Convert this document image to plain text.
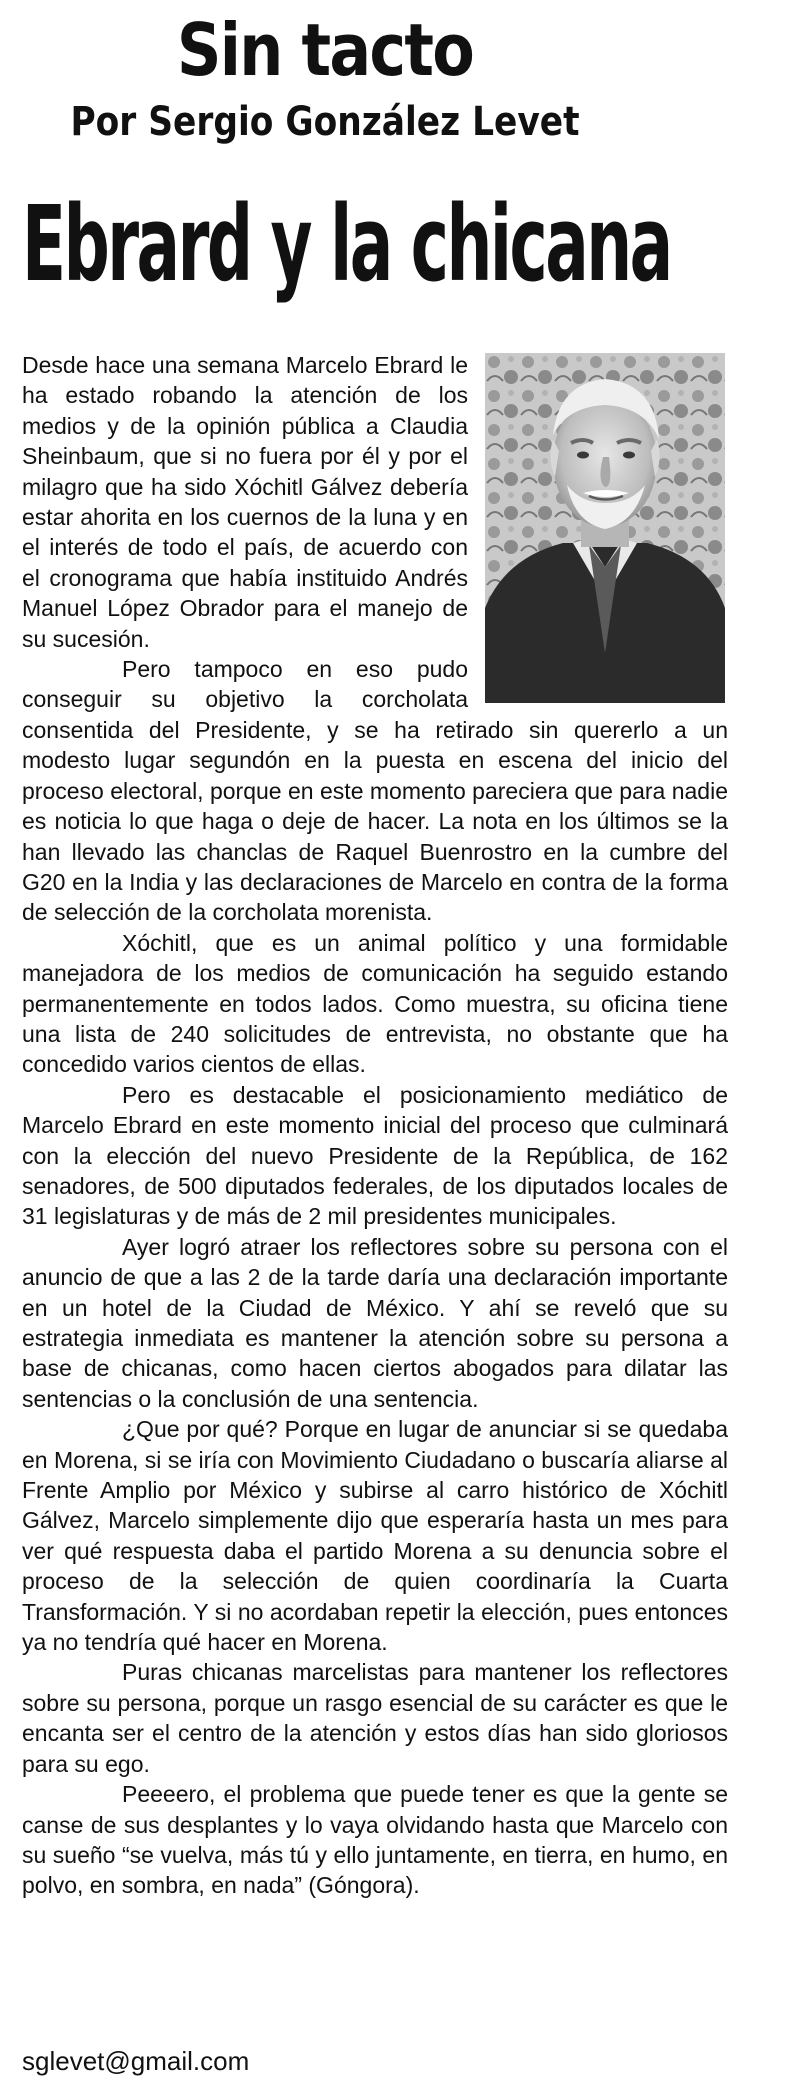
Sin tacto
Por Sergio González Levet
Ebrard y la chicana

Desde hace una semana Marcelo Ebrard le ha estado robando la atención de los medios y de la opinión pública a Claudia Sheinbaum, que si no fuera por él y por el milagro que ha sido Xóchitl Gálvez debería estar ahorita en los cuernos de la luna y en el interés de todo el país, de acuerdo con el cronograma que había instituido Andrés Manuel López Obrador para el manejo de su sucesión.

Pero tampoco en eso pudo conseguir su objetivo la corcholata consentida del Presidente, y se ha retirado sin quererlo a un modesto lugar segundón en la puesta en escena del inicio del proceso electoral, porque en este momento pareciera que para nadie es noticia lo que haga o deje de hacer. La nota en los últimos se la han llevado las chanclas de Raquel Buenrostro en la cumbre del G20 en la India y las declaraciones de Marcelo en contra de la forma de selección de la corcholata morenista.

Xóchitl, que es un animal político y una formidable manejadora de los medios de comunicación ha seguido estando permanentemente en todos lados. Como muestra, su oficina tiene una lista de 240 solicitudes de entrevista, no obstante que ha concedido varios cientos de ellas.

Pero es destacable el posicionamiento mediático de Marcelo Ebrard en este momento inicial del proceso que culminará con la elección del nuevo Presidente de la República, de 162 senadores, de 500 diputados federales, de los diputados locales de 31 legislaturas y de más de 2 mil presidentes municipales.

Ayer logró atraer los reflectores sobre su persona con el anuncio de que a las 2 de la tarde daría una declaración importante en un hotel de la Ciudad de México. Y ahí se reveló que su estrategia inmediata es mantener la atención sobre su persona a base de chicanas, como hacen ciertos abogados para dilatar las sentencias o la conclusión de una sentencia.

¿Que por qué? Porque en lugar de anunciar si se quedaba en Morena, si se iría con Movimiento Ciudadano o buscaría aliarse al Frente Amplio por México y subirse al carro histórico de Xóchitl Gálvez, Marcelo simplemente dijo que esperaría hasta un mes para ver qué respuesta daba el partido Morena a su denuncia sobre el proceso de la selección de quien coordinaría la Cuarta Transformación. Y si no acordaban repetir la elección, pues entonces ya no tendría qué hacer en Morena.

Puras chicanas marcelistas para mantener los reflectores sobre su persona, porque un rasgo esencial de su carácter es que le encanta ser el centro de la atención y estos días han sido gloriosos para su ego.

Peeeero, el problema que puede tener es que la gente se canse de sus desplantes y lo vaya olvidando hasta que Marcelo con su sueño “se vuelva, más tú y ello juntamente, en tierra, en humo, en polvo, en sombra, en nada” (Góngora).

sglevet@gmail.com
